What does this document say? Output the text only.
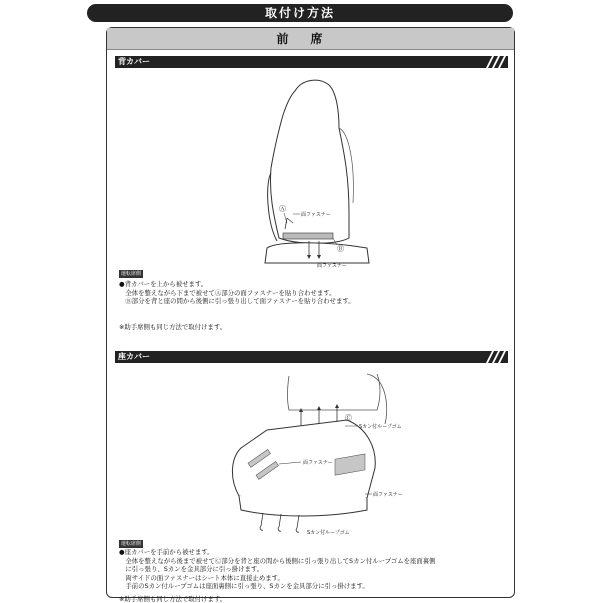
取付け方法
前席
背カバー
Ⓐ
面ファスナー
Ⓑ
面ファスナー
運転席側
●背カバーを上から被せます。
　全体を整えながら下まで被せてⒶ部分の面ファスナーを貼り合わせます。
　Ⓑ部分を背と座の間から後側に引っ張り出して面ファスナーを貼り合わせます。
※助手席側も同じ方法で取付けます。
座カバー
Ⓒ
Sカン付ループゴム
面ファスナー
面ファスナー
Sカン付ループゴム
運転席側
●座カバーを手前から被せます。
　全体を整えながら後まで被せてⒸ部分を背と座の間から後側に引っ張り出してSカン付ループゴムを座面裏側
　に引っ張り、Sカンを金具部分に引っ掛けます。
　両サイドの面ファスナーはシート本体に直接止めます。
　手前のSカン付ループゴムは座面裏側に引っ張り、Sカンを金具部分に引っ掛けます。
※助手席側も同じ方法で取付けます。
